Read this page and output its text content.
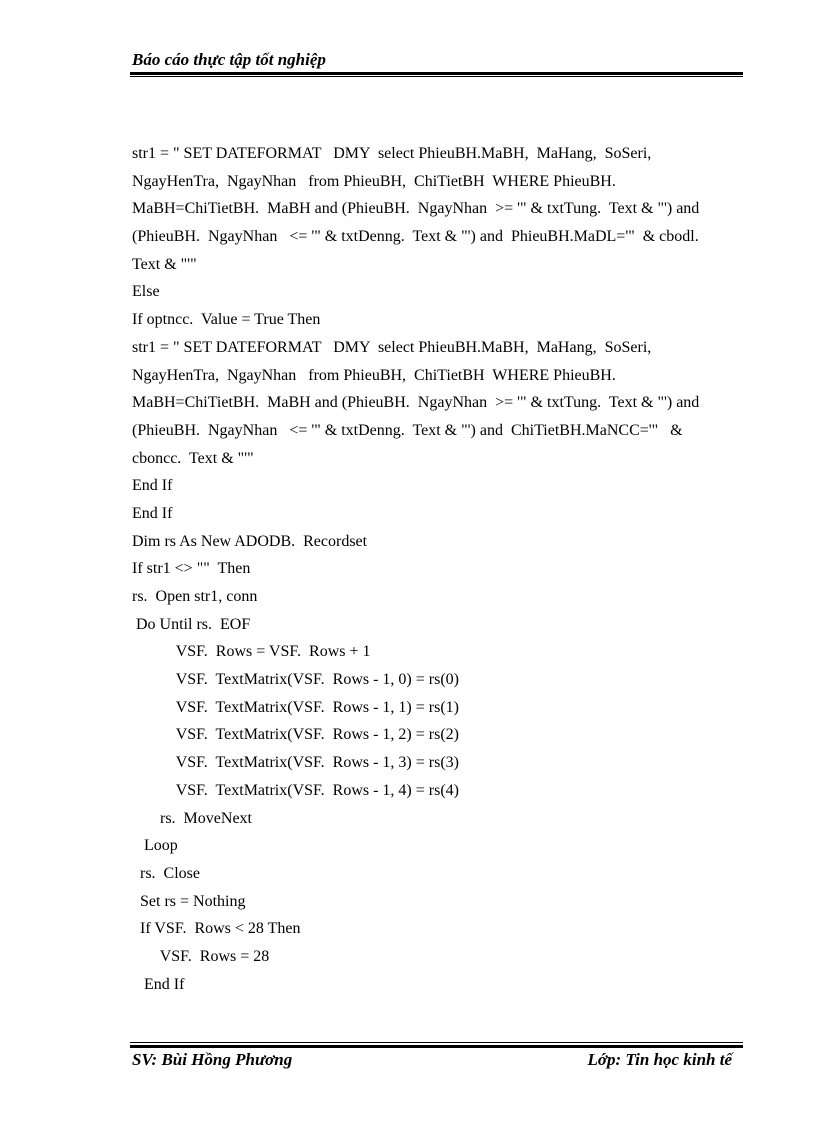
Báo cáo thực tập tốt nghiệp
str1 = " SET DATEFORMAT   DMY  select PhieuBH.MaBH,  MaHang,  SoSeri,
NgayHenTra,  NgayNhan   from PhieuBH,  ChiTietBH  WHERE PhieuBH.
MaBH=ChiTietBH.  MaBH and (PhieuBH.  NgayNhan  >= '" & txtTung.  Text & "') and
(PhieuBH.  NgayNhan   <= '" & txtDenng.  Text & "') and  PhieuBH.MaDL='"  & cbodl.
Text & "'"
Else
If optncc.  Value = True Then
str1 = " SET DATEFORMAT   DMY  select PhieuBH.MaBH,  MaHang,  SoSeri,
NgayHenTra,  NgayNhan   from PhieuBH,  ChiTietBH  WHERE PhieuBH.
MaBH=ChiTietBH.  MaBH and (PhieuBH.  NgayNhan  >= '" & txtTung.  Text & "') and
(PhieuBH.  NgayNhan   <= '" & txtDenng.  Text & "') and  ChiTietBH.MaNCC='"   &
cboncc.  Text & "'"
End If
End If
Dim rs As New ADODB.  Recordset
If str1 <> ""  Then
rs.  Open str1, conn
Do Until rs.  EOF
VSF.  Rows = VSF.  Rows + 1
VSF.  TextMatrix(VSF.  Rows - 1, 0) = rs(0)
VSF.  TextMatrix(VSF.  Rows - 1, 1) = rs(1)
VSF.  TextMatrix(VSF.  Rows - 1, 2) = rs(2)
VSF.  TextMatrix(VSF.  Rows - 1, 3) = rs(3)
VSF.  TextMatrix(VSF.  Rows - 1, 4) = rs(4)
rs.  MoveNext
Loop
rs.  Close
Set rs = Nothing
If VSF.  Rows < 28 Then
VSF.  Rows = 28
End If
SV: Bùi Hồng Phương	Lớp: Tin học kinh tế
